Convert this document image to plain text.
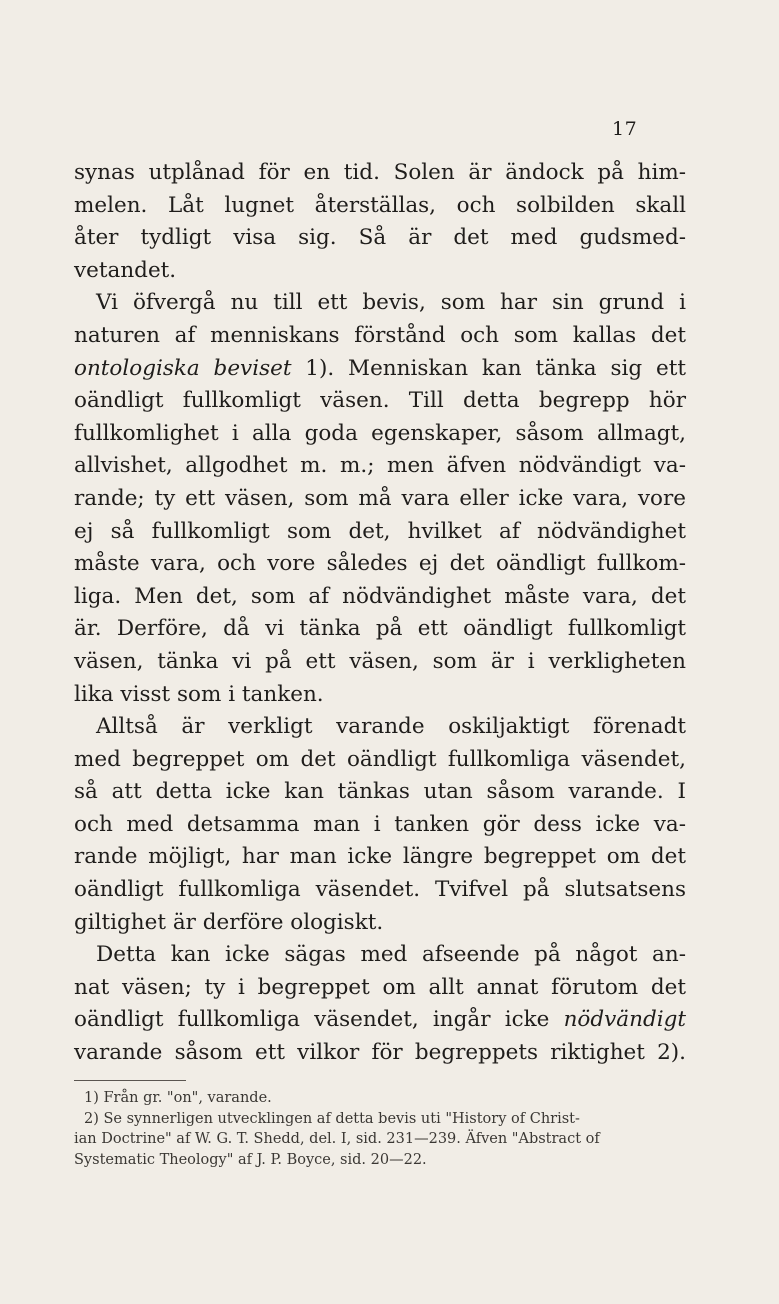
17
synas utplånad för en tid. Solen är ändock på him-
melen. Låt lugnet återställas, och solbilden skall
åter tydligt visa sig. Så är det med gudsmed-
vetandet.
Vi öfvergå nu till ett bevis, som har sin grund i
naturen af menniskans förstånd och som kallas det
ontologiska beviset 1). Menniskan kan tänka sig ett
oändligt fullkomligt väsen. Till detta begrepp hör
fullkomlighet i alla goda egenskaper, såsom allmagt,
allvishet, allgodhet m. m.; men äfven nödvändigt va-
rande; ty ett väsen, som må vara eller icke vara, vore
ej så fullkomligt som det, hvilket af nödvändighet
måste vara, och vore således ej det oändligt fullkom-
liga. Men det, som af nödvändighet måste vara, det
är. Derföre, då vi tänka på ett oändligt fullkomligt
väsen, tänka vi på ett väsen, som är i verkligheten
lika visst som i tanken.
Alltså är verkligt varande oskiljaktigt förenadt
med begreppet om det oändligt fullkomliga väsendet,
så att detta icke kan tänkas utan såsom varande. I
och med detsamma man i tanken gör dess icke va-
rande möjligt, har man icke längre begreppet om det
oändligt fullkomliga väsendet. Tvifvel på slutsatsens
giltighet är derföre ologiskt.
Detta kan icke sägas med afseende på något an-
nat väsen; ty i begreppet om allt annat förutom det
oändligt fullkomliga väsendet, ingår icke nödvändigt
varande såsom ett vilkor för begreppets riktighet 2).
1) Från gr. "on", varande.
2) Se synnerligen utvecklingen af detta bevis uti "History of Christ-
ian Doctrine" af W. G. T. Shedd, del. I, sid. 231—239. Äfven "Abstract of
Systematic Theology" af J. P. Boyce, sid. 20—22.
